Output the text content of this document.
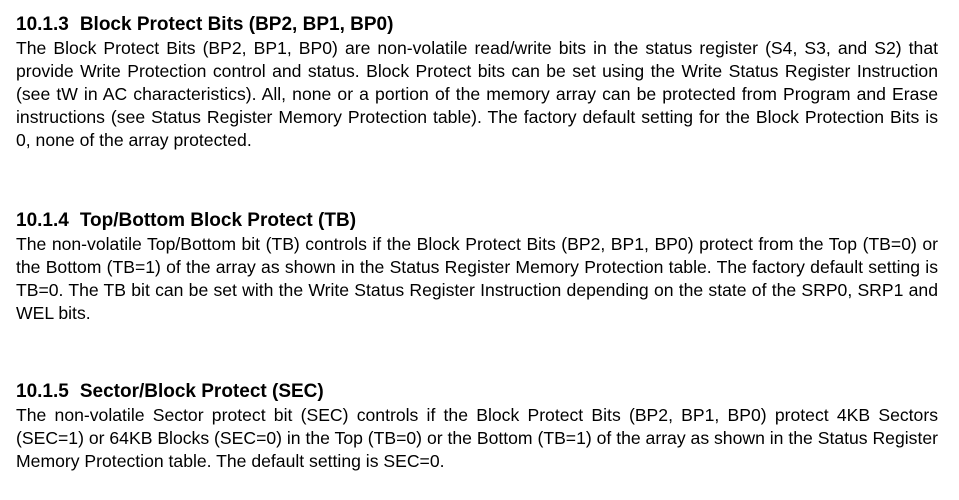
10.1.3 Block Protect Bits (BP2, BP1, BP0)

The Block Protect Bits (BP2, BP1, BP0) are non-volatile read/write bits in the status register (S4, S3, and S2) that provide Write Protection control and status. Block Protect bits can be set using the Write Status Register Instruction (see tW in AC characteristics). All, none or a portion of the memory array can be protected from Program and Erase instructions (see Status Register Memory Protection table). The factory default setting for the Block Protection Bits is 0, none of the array protected.

10.1.4 Top/Bottom Block Protect (TB)

The non-volatile Top/Bottom bit (TB) controls if the Block Protect Bits (BP2, BP1, BP0) protect from the Top (TB=0) or the Bottom (TB=1) of the array as shown in the Status Register Memory Protection table. The factory default setting is TB=0. The TB bit can be set with the Write Status Register Instruction depending on the state of the SRP0, SRP1 and WEL bits.

10.1.5 Sector/Block Protect (SEC)

The non-volatile Sector protect bit (SEC) controls if the Block Protect Bits (BP2, BP1, BP0) protect 4KB Sectors (SEC=1) or 64KB Blocks (SEC=0) in the Top (TB=0) or the Bottom (TB=1) of the array as shown in the Status Register Memory Protection table. The default setting is SEC=0.
